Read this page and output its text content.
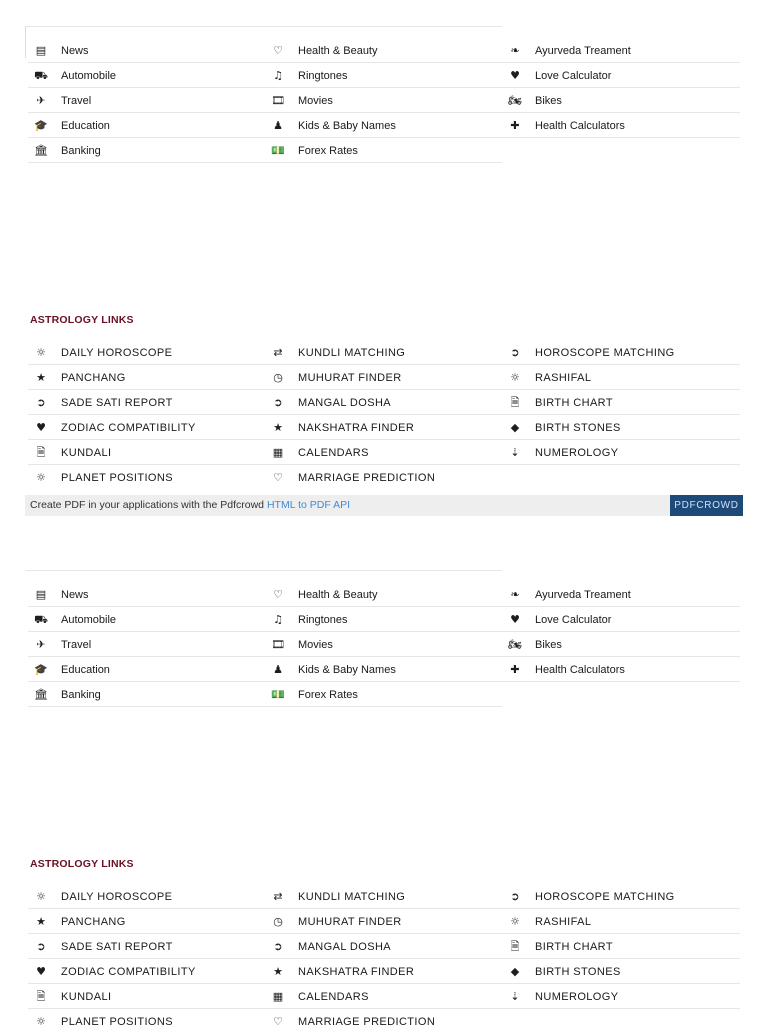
▤ News
⛟ Automobile
✈ Travel
🎓 Education
🏛 Banking
♡ Health & Beauty
♫ Ringtones
🎞 Movies
♟ Kids & Baby Names
💵 Forex Rates
❧ Ayurveda Treament
♥ Love Calculator
🏍 Bikes
✚ Health Calculators
ASTROLOGY LINKS
☼ DAILY HOROSCOPE
★ PANCHANG
➲ SADE SATI REPORT
♥ ZODIAC COMPATIBILITY
🗎 KUNDALI
☼ PLANET POSITIONS
⇄ KUNDLI MATCHING
◷ MUHURAT FINDER
➲ MANGAL DOSHA
★ NAKSHATRA FINDER
▦ CALENDARS
♡ MARRIAGE PREDICTION
➲ HOROSCOPE MATCHING
☼ RASHIFAL
🗎 BIRTH CHART
◆ BIRTH STONES
⇣ NUMEROLOGY
Create PDF in your applications with the Pdfcrowd HTML to PDF API	PDFCROWD
▤ News
⛟ Automobile
✈ Travel
🎓 Education
🏛 Banking
♡ Health & Beauty
♫ Ringtones
🎞 Movies
♟ Kids & Baby Names
💵 Forex Rates
❧ Ayurveda Treament
♥ Love Calculator
🏍 Bikes
✚ Health Calculators
ASTROLOGY LINKS
☼ DAILY HOROSCOPE
★ PANCHANG
➲ SADE SATI REPORT
♥ ZODIAC COMPATIBILITY
🗎 KUNDALI
☼ PLANET POSITIONS
⇄ KUNDLI MATCHING
◷ MUHURAT FINDER
➲ MANGAL DOSHA
★ NAKSHATRA FINDER
▦ CALENDARS
♡ MARRIAGE PREDICTION
➲ HOROSCOPE MATCHING
☼ RASHIFAL
🗎 BIRTH CHART
◆ BIRTH STONES
⇣ NUMEROLOGY
